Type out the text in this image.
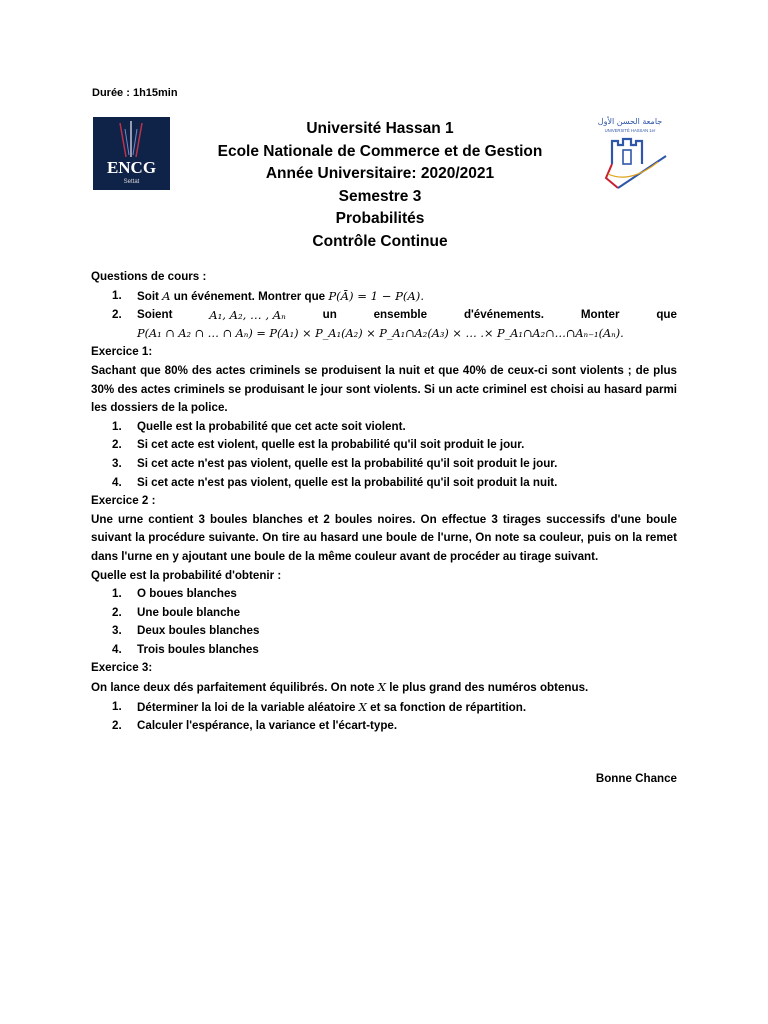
Durée : 1h15min
ENCG
Settat
Université Hassan 1
Ecole Nationale de Commerce et de Gestion
Année Universitaire: 2020/2021
Semestre 3
Probabilités
Contrôle Continue
جامعة الحسن الأول
UNIVERSITÉ HASSAN 1er

Questions de cours :

1.	Soit A un événement. Montrer que P(Ā) = 1 − P(A).
2.	Soient	A₁, A₂, … , Aₙ	un	ensemble	d'événements.	Monter	que
P(A₁ ∩ A₂ ∩ … ∩ Aₙ) = P(A₁) × P_A₁(A₂) × P_A₁∩A₂(A₃) × … .× P_A₁∩A₂∩…∩Aₙ₋₁(Aₙ).

Exercice 1:

Sachant que 80% des actes criminels se produisent la nuit et que 40% de ceux-ci sont violents ; de plus 30% des actes criminels se produisant le jour sont violents. Si un acte criminel est choisi au hasard parmi les dossiers de la police.

1.	Quelle est la probabilité que cet acte soit violent.
2.	Si cet acte est violent, quelle est la probabilité qu'il soit produit le jour.
3.	Si cet acte n'est pas violent, quelle est la probabilité qu'il soit produit le jour.
4.	Si cet acte n'est pas violent, quelle est la probabilité qu'il soit produit la nuit.

Exercice 2 :

Une urne contient 3 boules blanches et 2 boules noires. On effectue 3 tirages successifs d'une boule suivant la procédure suivante. On tire au hasard une boule de l'urne, On note sa couleur, puis on la remet dans l'urne en y ajoutant une boule de la même couleur avant de procéder au tirage suivant.

Quelle est la probabilité d'obtenir :

1.	O boues blanches
2.	Une boule blanche
3.	Deux boules blanches
4.	Trois boules blanches

Exercice 3:

On lance deux dés parfaitement équilibrés. On note X le plus grand des numéros obtenus.

1.	Déterminer la loi de la variable aléatoire X et sa fonction de répartition.
2.	Calculer l'espérance, la variance et l'écart-type.
Bonne Chance
